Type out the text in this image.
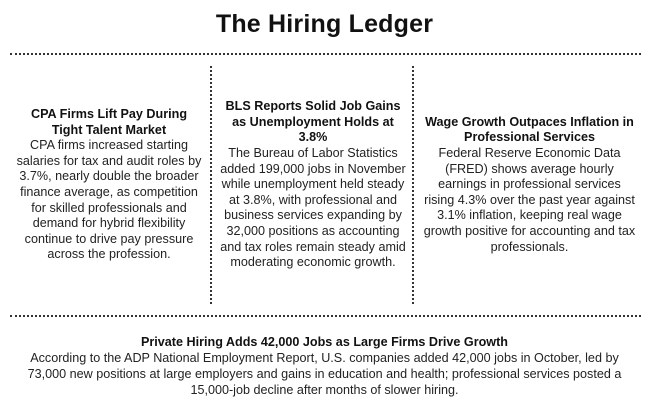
The Hiring Ledger
CPA Firms Lift Pay During Tight Talent Market
CPA firms increased starting salaries for tax and audit roles by 3.7%, nearly double the broader finance average, as competition for skilled professionals and demand for hybrid flexibility continue to drive pay pressure across the profession.
BLS Reports Solid Job Gains as Unemployment Holds at 3.8%
The Bureau of Labor Statistics added 199,000 jobs in November while unemployment held steady at 3.8%, with professional and business services expanding by 32,000 positions as accounting and tax roles remain steady amid moderating economic growth.
Wage Growth Outpaces Inflation in Professional Services
Federal Reserve Economic Data (FRED) shows average hourly earnings in professional services rising 4.3% over the past year against 3.1% inflation, keeping real wage growth positive for accounting and tax professionals.
Private Hiring Adds 42,000 Jobs as Large Firms Drive Growth
According to the ADP National Employment Report, U.S. companies added 42,000 jobs in October, led by 73,000 new positions at large employers and gains in education and health; professional services posted a 15,000-job decline after months of slower hiring.
